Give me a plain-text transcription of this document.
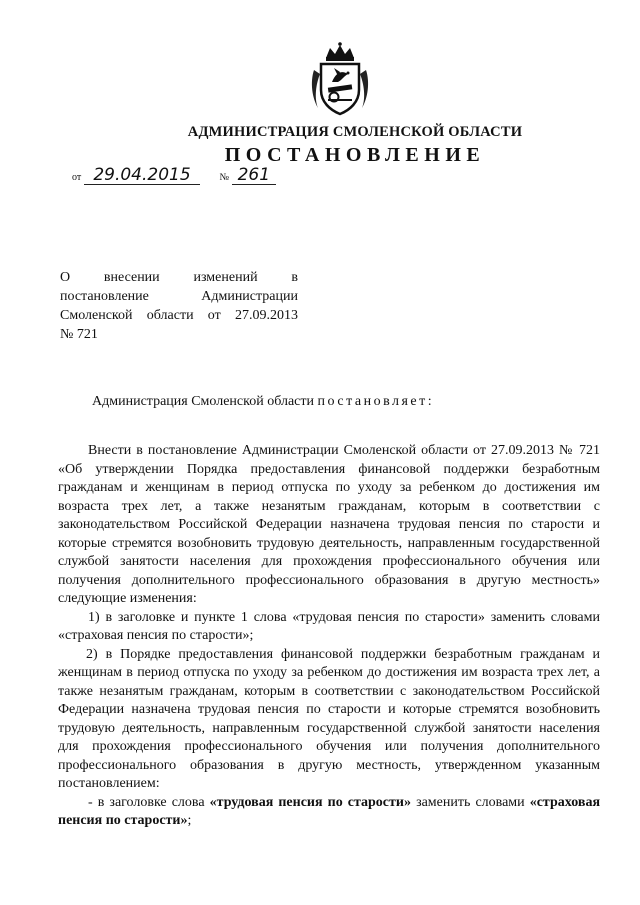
АДМИНИСТРАЦИЯ СМОЛЕНСКОЙ ОБЛАСТИ
ПОСТАНОВЛЕНИЕ
от 29.04.2015	№ 261
О внесении изменений в
постановление Администрации
Смоленской области от 27.09.2013
№ 721
Администрация Смоленской области постановляет:

Внести в постановление Администрации Смоленской области от 27.09.2013 № 721 «Об утверждении Порядка предоставления финансовой поддержки безработным гражданам и женщинам в период отпуска по уходу за ребенком до достижения им возраста трех лет, а также незанятым гражданам, которым в соответствии с законодательством Российской Федерации назначена трудовая пенсия по старости и которые стремятся возобновить трудовую деятельность, направленным государственной службой занятости населения для прохождения профессионального обучения или получения дополнительного профессионального образования в другую местность» следующие изменения:

1) в заголовке и пункте 1 слова «трудовая пенсия по старости» заменить словами «страховая пенсия по старости»;

2) в Порядке предоставления финансовой поддержки безработным гражданам и женщинам в период отпуска по уходу за ребенком до достижения им возраста трех лет, а также незанятым гражданам, которым в соответствии с законодательством Российской Федерации назначена трудовая пенсия по старости и которые стремятся возобновить трудовую деятельность, направленным государственной службой занятости населения для прохождения профессионального обучения или получения дополнительного профессионального образования в другую местность, утвержденном указанным постановлением:

- в заголовке слова «трудовая пенсия по старости» заменить словами «страховая пенсия по старости»;
